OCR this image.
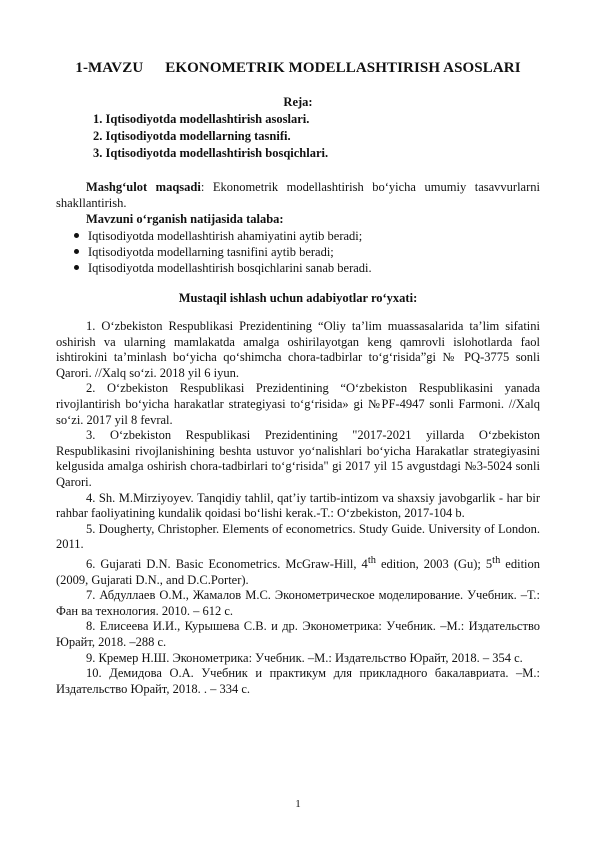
1-MAVZU EKONOMETRIK MODELLASHTIRISH ASOSLARI
Reja:
1. Iqtisodiyotda modellashtirish asoslari.
2. Iqtisodiyotda modellarning tasnifi.
3. Iqtisodiyotda modellashtirish bosqichlari.
Mashg‘ulot maqsadi: Ekonometrik modellashtirish bo‘yicha umumiy tasavvurlarni shakllantirish.
Mavzuni o‘rganish natijasida talaba:
Iqtisodiyotda modellashtirish ahamiyatini aytib beradi;
Iqtisodiyotda modellarning tasnifini aytib beradi;
Iqtisodiyotda modellashtirish bosqichlarini sanab beradi.
Mustaqil ishlash uchun adabiyotlar ro‘yxati:
1. O‘zbekiston Respublikasi Prezidentining “Oliy ta’lim muassasalarida ta’lim sifatini oshirish va ularning mamlakatda amalga oshirilayotgan keng qamrovli islohotlarda faol ishtirokini ta’minlash bo‘yicha qo‘shimcha chora-tadbirlar to‘g‘risida”gi № PQ-3775 sonli Qarori. //Xalq so‘zi. 2018 yil 6 iyun.
2. O‘zbekiston Respublikasi Prezidentining “O‘zbekiston Respublikasini yanada rivojlantirish bo‘yicha harakatlar strategiyasi to‘g‘risida» gi №PF-4947 sonli Farmoni. //Xalq so‘zi. 2017 yil 8 fevral.
3. O‘zbekiston Respublikasi Prezidentining "2017-2021 yillarda O‘zbekiston Respublikasini rivojlanishining beshta ustuvor yo‘nalishlari bo‘yicha Harakatlar strategiyasini kelgusida amalga oshirish chora-tadbirlari to‘g‘risida" gi 2017 yil 15 avgustdagi №3-5024 sonli Qarori.
4. Sh. M.Mirziyoyev. Tanqidiy tahlil, qat’iy tartib-intizom va shaxsiy javobgarlik - har bir rahbar faoliyatining kundalik qoidasi bo‘lishi kerak.-T.: O‘zbekiston, 2017-104 b.
5. Dougherty, Christopher. Elements of econometrics. Study Guide. University of London. 2011.
6. Gujarati D.N. Basic Econometrics. McGraw-Hill, 4th edition, 2003 (Gu); 5th edition (2009, Gujarati D.N., and D.C.Porter).
7. Абдуллаев О.М., Жамалов М.С. Эконометрическое моделирование. Учебник. –Т.: Фан ва технология. 2010. – 612 с.
8. Елисеева И.И., Курышева С.В. и др. Эконометрика: Учебник. –М.: Издательство Юрайт, 2018. –288 с.
9. Кремер Н.Ш. Эконометрика: Учебник. –М.: Издательство Юрайт, 2018. – 354 с.
10. Демидова О.А. Учебник и практикум для прикладного бакалавриата. –М.: Издательство Юрайт, 2018. . – 334 с.
1
